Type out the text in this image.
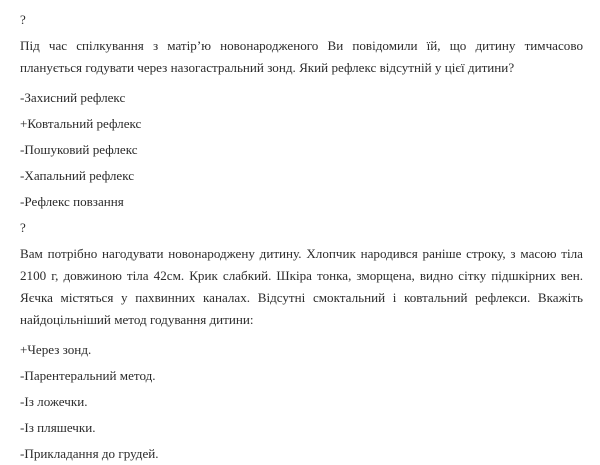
?

Під час спілкування з матір’ю новонародженого Ви повідомили їй, що дитину тимчасово планується годувати через назогастральний зонд. Який рефлекс відсутній у цієї дитини?

-Захисний рефлекс

+Ковтальний рефлекс

-Пошуковий рефлекс

-Хапальний рефлекс

-Рефлекс повзання

?

Вам потрібно нагодувати новонароджену дитину. Хлопчик народився раніше строку, з масою тіла 2100 г, довжиною тіла 42см. Крик слабкий. Шкіра тонка, зморщена, видно сітку підшкірних вен. Яєчка містяться у пахвинних каналах. Відсутні смоктальний і ковтальний рефлекси. Вкажіть найдоцільніший метод годування дитини:

+Через зонд.

-Парентеральний метод.

-Із ложечки.

-Із пляшечки.

-Прикладання до грудей.
